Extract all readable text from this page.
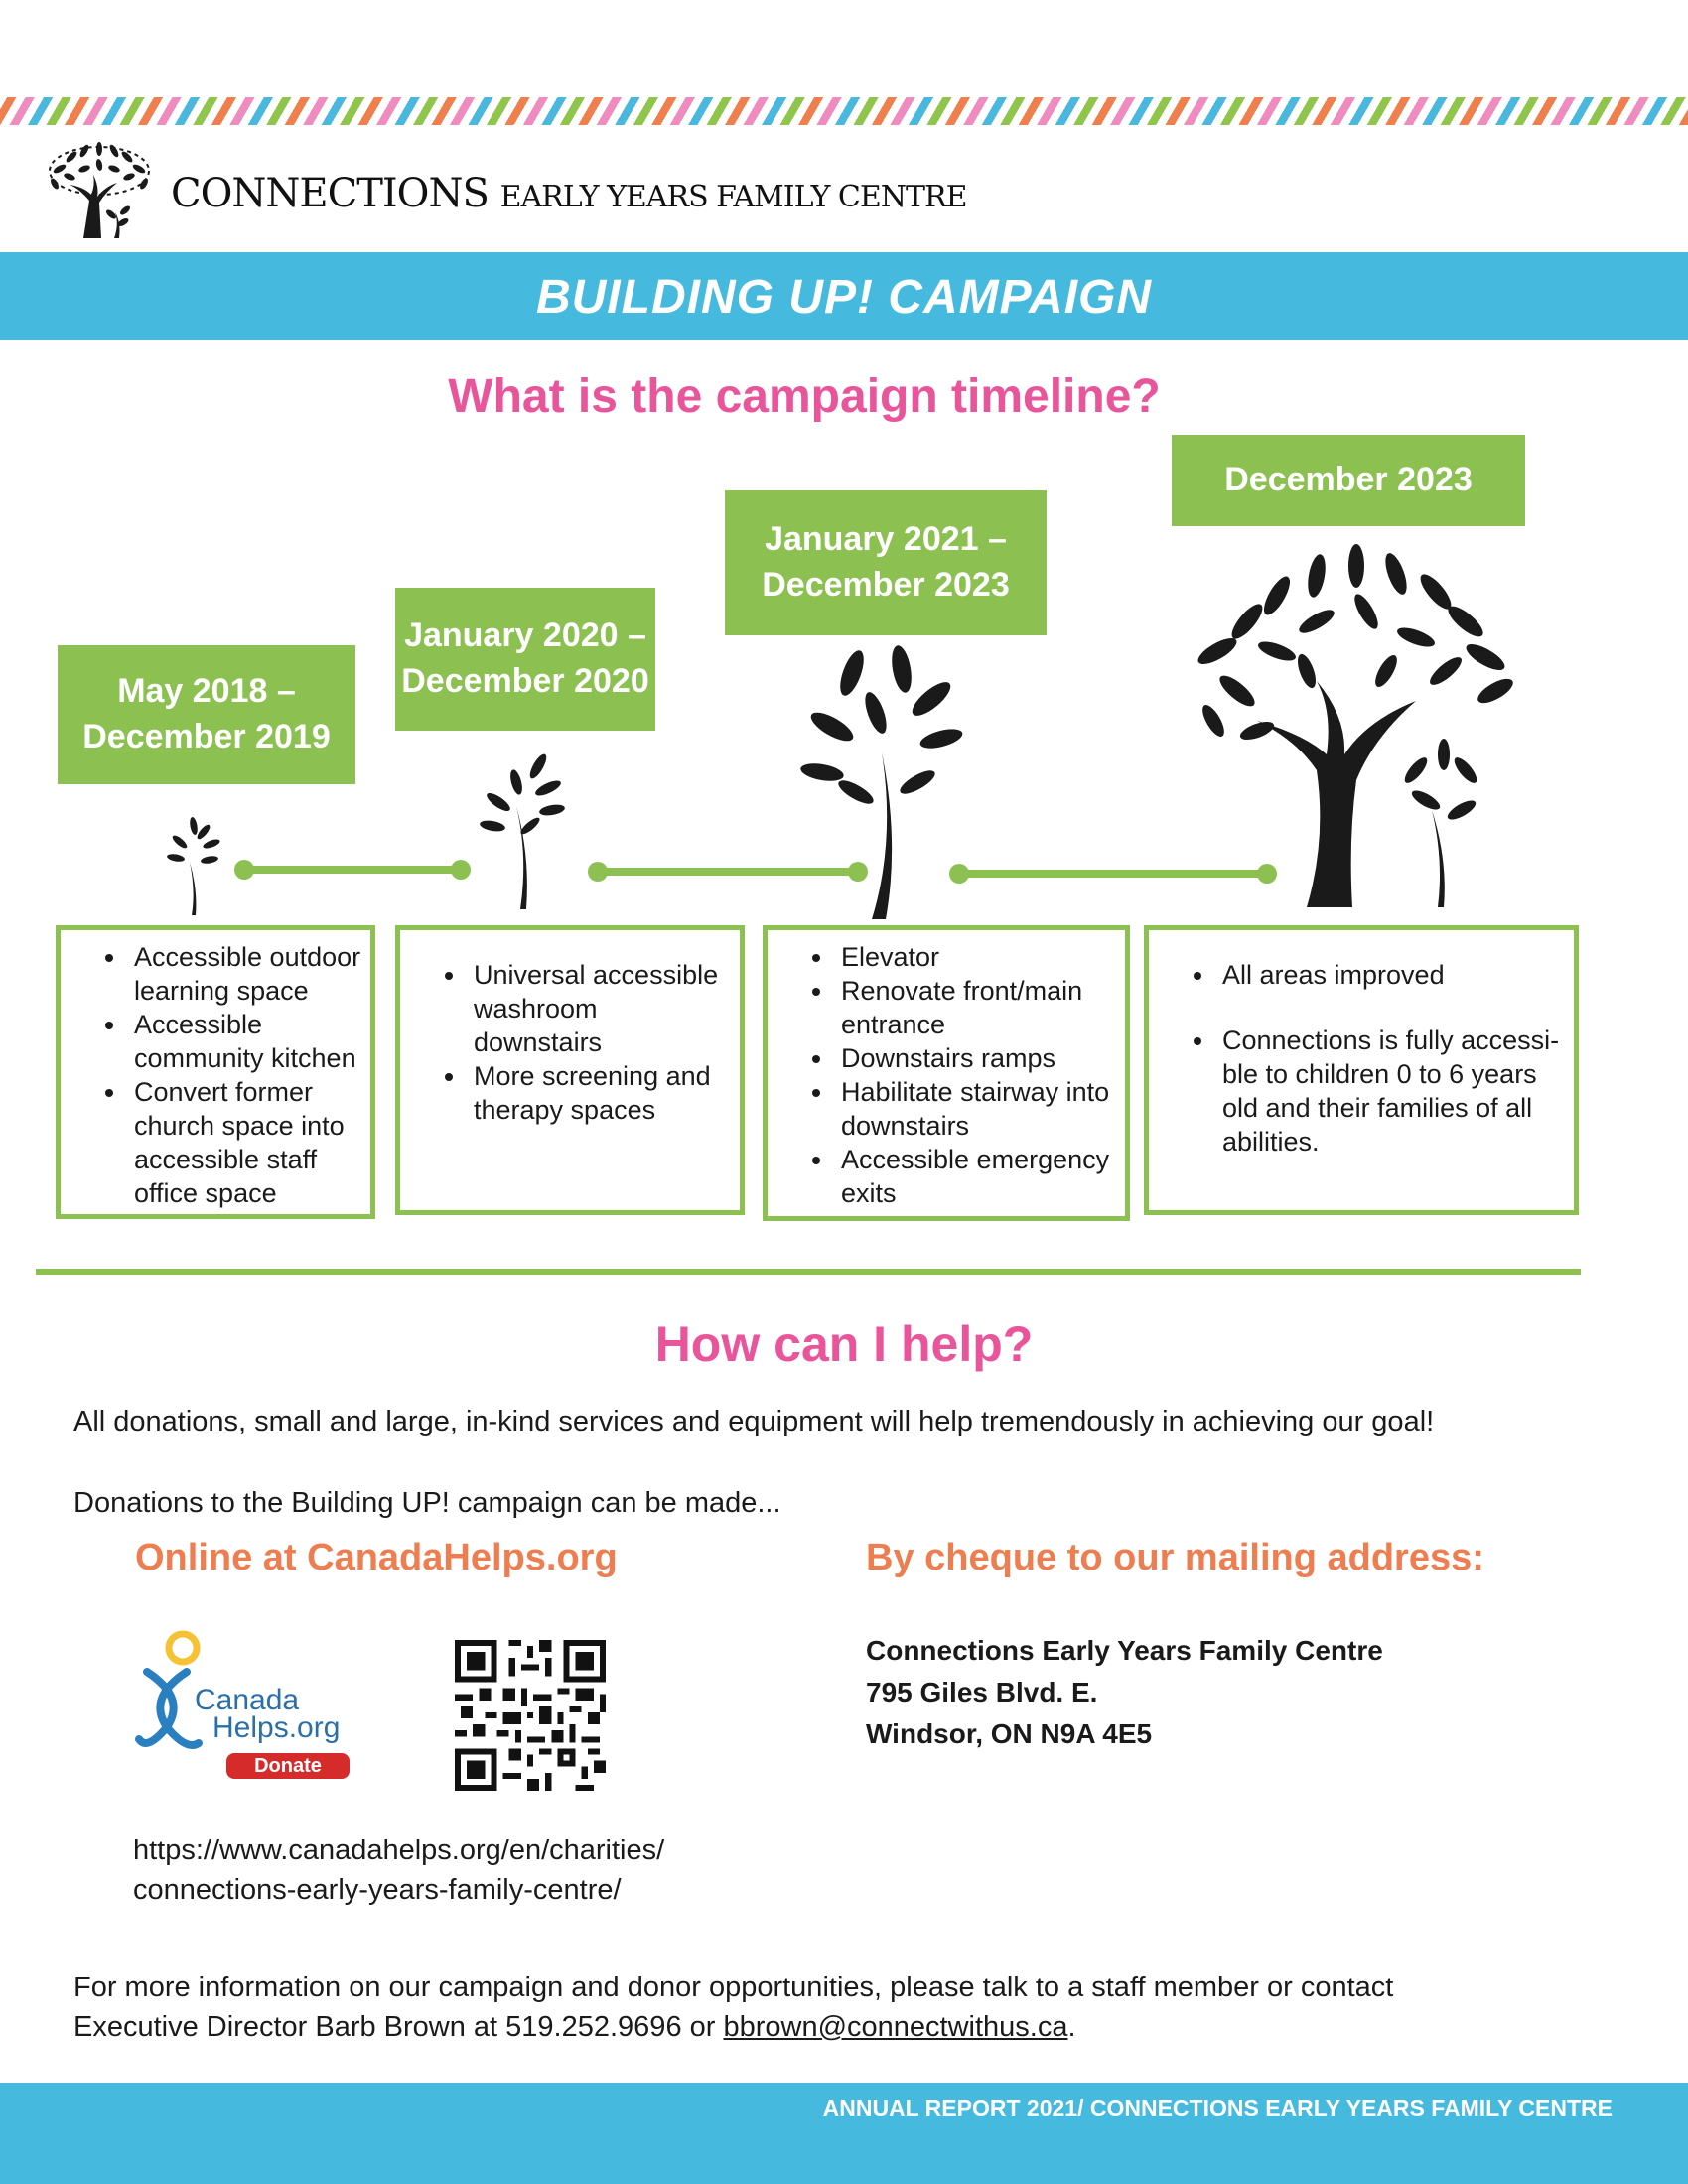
CONNECTIONS EARLY YEARS FAMILY CENTRE
BUILDING UP! CAMPAIGN
What is the campaign timeline?
May 2018 –
December 2019
January 2020 –
December 2020
January 2021 –
December 2023
December 2023
• Accessible outdoor learning space
• Accessible community kitchen
• Convert former church space into accessible staff office space
• Universal accessible washroom downstairs
• More screening and therapy spaces
• Elevator
• Renovate front/main entrance
• Downstairs ramps
• Habilitate stairway into downstairs
• Accessible emergency exits
• All areas improved
• Connections is fully accessi-ble to children 0 to 6 years old and their families of all abilities.
How can I help?
All donations, small and large, in-kind services and equipment will help tremendously in achieving our goal!
Donations to the Building UP! campaign can be made...
Online at CanadaHelps.org	By cheque to our mailing address:
Canada
Helps.org
Donate
https://www.canadahelps.org/en/charities/
connections-early-years-family-centre/
Connections Early Years Family Centre
795 Giles Blvd. E.
Windsor, ON N9A 4E5
For more information on our campaign and donor opportunities, please talk to a staff member or contact
Executive Director Barb Brown at 519.252.9696 or bbrown@connectwithus.ca.
ANNUAL REPORT 2021/ CONNECTIONS EARLY YEARS FAMILY CENTRE
